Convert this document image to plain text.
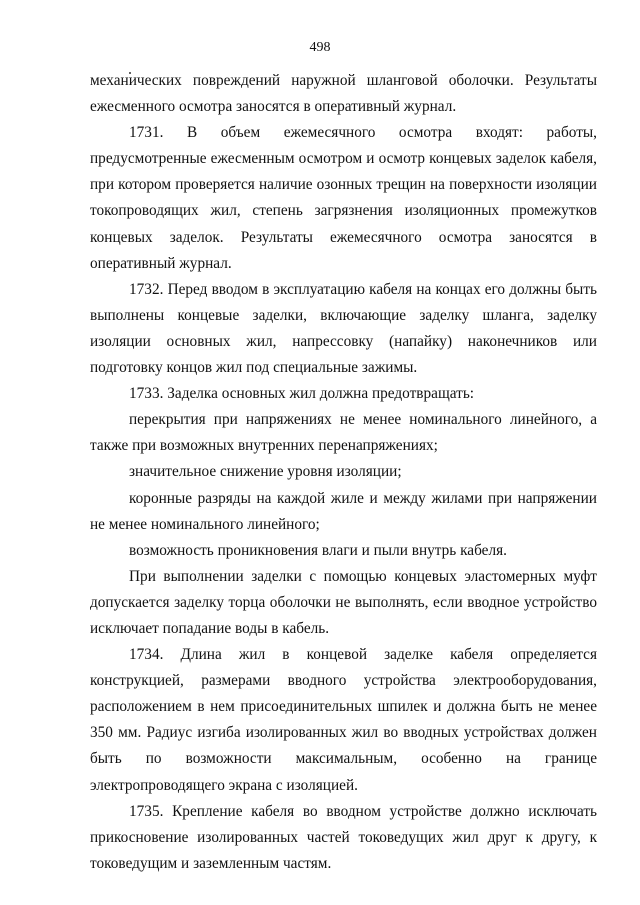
498

механических повреждений наружной шланговой оболочки. Результаты ежесменного осмотра заносятся в оперативный журнал.

1731. В объем ежемесячного осмотра входят: работы, предусмотренные ежесменным осмотром и осмотр концевых заделок кабеля, при котором проверяется наличие озонных трещин на поверхности изоляции токопроводящих жил, степень загрязнения изоляционных промежутков концевых заделок. Результаты ежемесячного осмотра заносятся в оперативный журнал.

1732. Перед вводом в эксплуатацию кабеля на концах его должны быть выполнены концевые заделки, включающие заделку шланга, заделку изоляции основных жил, напрессовку (напайку) наконечников или подготовку концов жил под специальные зажимы.

1733. Заделка основных жил должна предотвращать:

перекрытия при напряжениях не менее номинального линейного, а также при возможных внутренних перенапряжениях;

значительное снижение уровня изоляции;

коронные разряды на каждой жиле и между жилами при напряжении не менее номинального линейного;

возможность проникновения влаги и пыли внутрь кабеля.

При выполнении заделки с помощью концевых эластомерных муфт допускается заделку торца оболочки не выполнять, если вводное устройство исключает попадание воды в кабель.

1734. Длина жил в концевой заделке кабеля определяется конструкцией, размерами вводного устройства электрооборудования, расположением в нем присоединительных шпилек и должна быть не менее 350 мм. Радиус изгиба изолированных жил во вводных устройствах должен быть по возможности максимальным, особенно на границе электропроводящего экрана с изоляцией.

1735. Крепление кабеля во вводном устройстве должно исключать прикосновение изолированных частей токоведущих жил друг к другу, к токоведущим и заземленным частям.
